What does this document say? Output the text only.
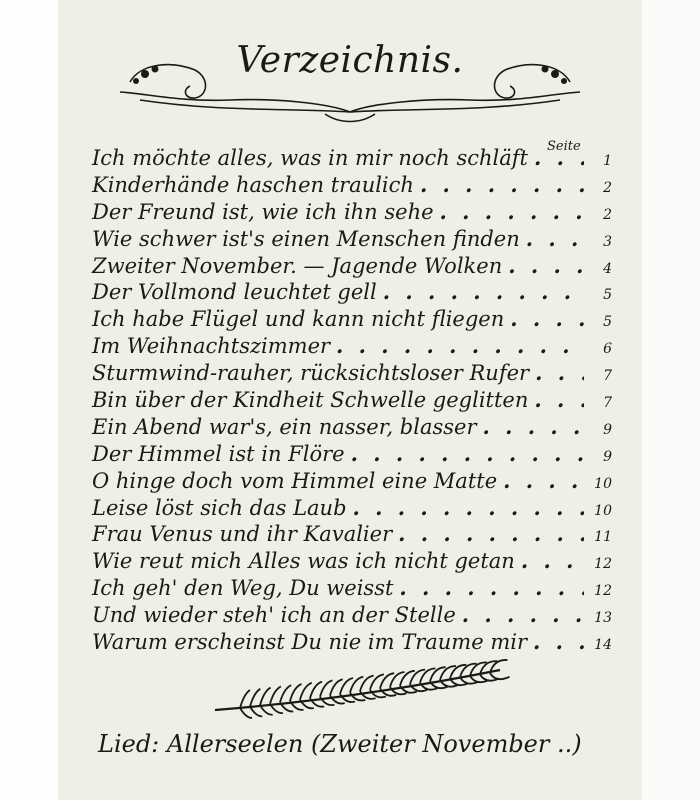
Verzeichnis.
Seite
Ich möchte alles, was in mir noch schläft . . .	1
Kinderhände haschen traulich . . .	2
Der Freund ist, wie ich ihn sehe . . .	2
Wie schwer ist's einen Menschen finden . . .	3
Zweiter November. — Jagende Wolken . . .	4
Der Vollmond leuchtet gell . . .	5
Ich habe Flügel und kann nicht fliegen . . .	5
Im Weihnachtszimmer . . .	6
Sturmwind-rauher, rücksichtsloser Rufer . . .	7
Bin über der Kindheit Schwelle geglitten . . .	7
Ein Abend war's, ein nasser, blasser . . .	9
Der Himmel ist in Flöre . . .	9
O hinge doch vom Himmel eine Matte . . .	10
Leise löst sich das Laub . . .	10
Frau Venus und ihr Kavalier . . .	11
Wie reut mich Alles was ich nicht getan . . .	12
Ich geh' den Weg, Du weisst . . .	12
Und wieder steh' ich an der Stelle . . .	13
Warum erscheinst Du nie im Traume mir . . .	14
Lied: Allerseelen (Zweiter November ..)
